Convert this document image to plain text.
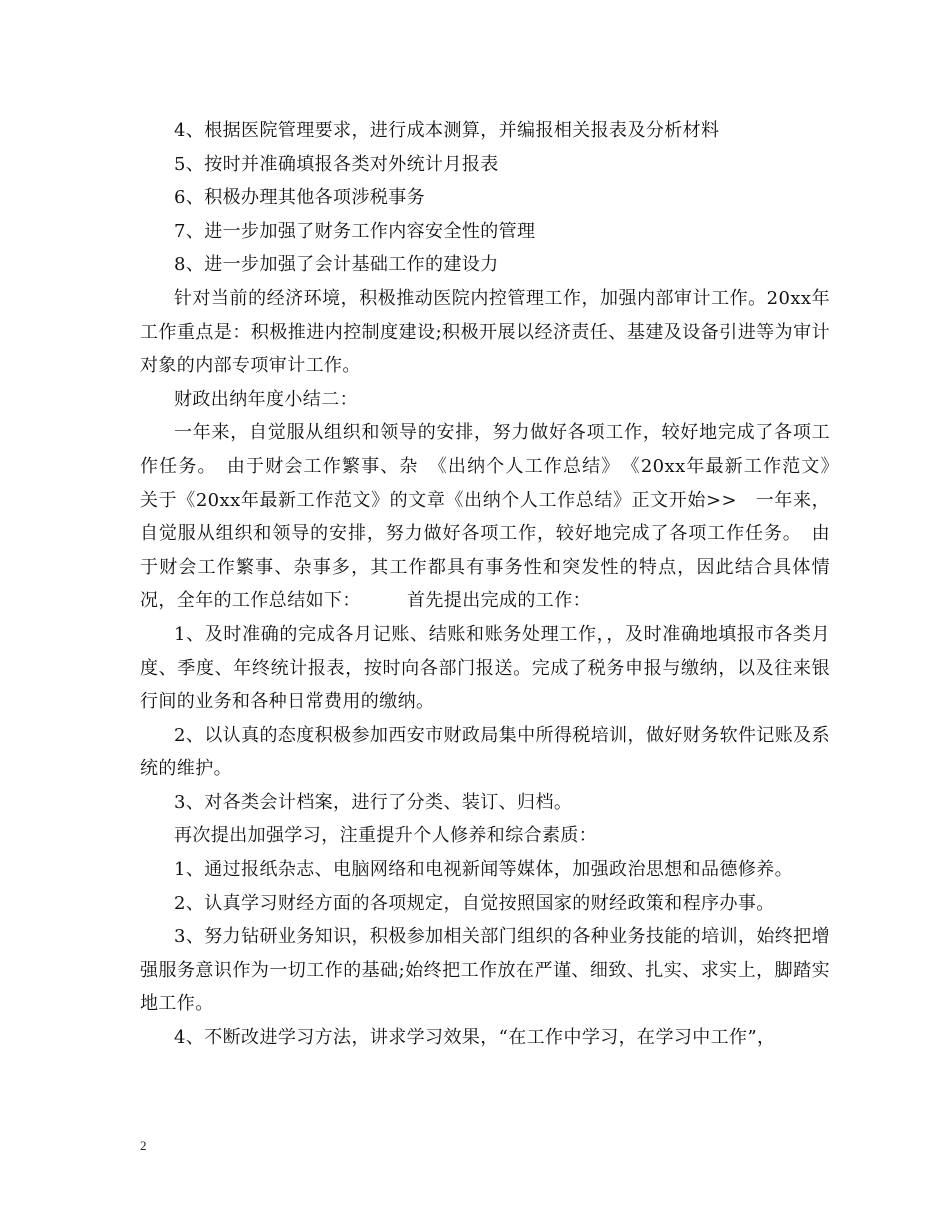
4、根据医院管理要求，进行成本测算，并编报相关报表及分析材料

5、按时并准确填报各类对外统计月报表

6、积极办理其他各项涉税事务

7、进一步加强了财务工作内容安全性的管理

8、进一步加强了会计基础工作的建设力

针对当前的经济环境，积极推动医院内控管理工作，加强内部审计工作。20xx年工作重点是：积极推进内控制度建设;积极开展以经济责任、基建及设备引进等为审计对象的内部专项审计工作。

财政出纳年度小结二：

一年来，自觉服从组织和领导的安排，努力做好各项工作，较好地完成了各项工作任务。　由于财会工作繁事、杂　《出纳个人工作总结》　《20xx年最新工作范文》　关于《20xx年最新工作范文》的文章《出纳个人工作总结》正文开始>>　一年来，自觉服从组织和领导的安排，努力做好各项工作，较好地完成了各项工作任务。　由于财会工作繁事、杂事多，其工作都具有事务性和突发性的特点，因此结合具体情况，全年的工作总结如下：　　　首先提出完成的工作：

1、及时准确的完成各月记账、结账和账务处理工作，，及时准确地填报市各类月度、季度、年终统计报表，按时向各部门报送。完成了税务申报与缴纳，以及往来银行间的业务和各种日常费用的缴纳。

2、以认真的态度积极参加西安市财政局集中所得税培训，做好财务软件记账及系统的维护。

3、对各类会计档案，进行了分类、装订、归档。

再次提出加强学习，注重提升个人修养和综合素质：

1、通过报纸杂志、电脑网络和电视新闻等媒体，加强政治思想和品德修养。

2、认真学习财经方面的各项规定，自觉按照国家的财经政策和程序办事。

3、努力钻研业务知识，积极参加相关部门组织的各种业务技能的培训，始终把增强服务意识作为一切工作的基础;始终把工作放在严谨、细致、扎实、求实上，脚踏实地工作。

4、不断改进学习方法，讲求学习效果，“在工作中学习，在学习中工作”，

2
